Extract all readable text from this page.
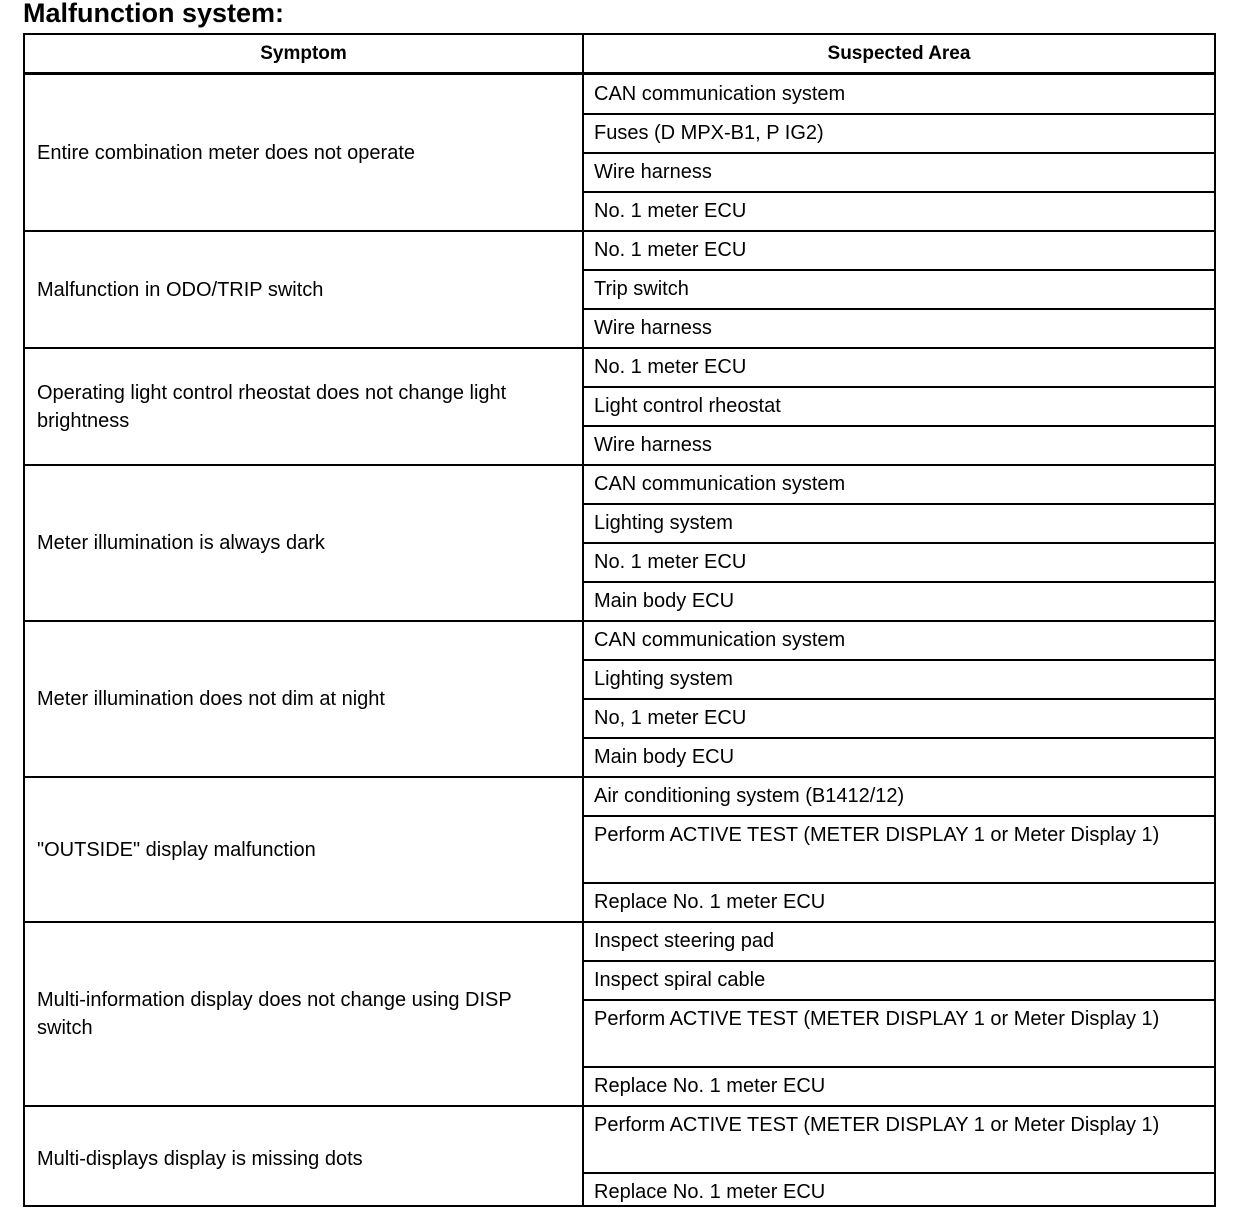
Malfunction system:
Symptom	Suspected Area
CAN communication system
Fuses (D MPX-B1, P IG2)
Wire harness
No. 1 meter ECU
Entire combination meter does not operate
No. 1 meter ECU
Trip switch
Wire harness
Malfunction in ODO/TRIP switch
No. 1 meter ECU
Light control rheostat
Wire harness
Operating light control rheostat does not change light brightness
CAN communication system
Lighting system
No. 1 meter ECU
Main body ECU
Meter illumination is always dark
CAN communication system
Lighting system
No, 1 meter ECU
Main body ECU
Meter illumination does not dim at night
Air conditioning system (B1412/12)
Perform ACTIVE TEST (METER DISPLAY 1 or Meter Display 1)
Replace No. 1 meter ECU
"OUTSIDE" display malfunction
Inspect steering pad
Inspect spiral cable
Perform ACTIVE TEST (METER DISPLAY 1 or Meter Display 1)
Replace No. 1 meter ECU
Multi-information display does not change using DISP switch
Perform ACTIVE TEST (METER DISPLAY 1 or Meter Display 1)
Replace No. 1 meter ECU
Multi-displays display is missing dots
